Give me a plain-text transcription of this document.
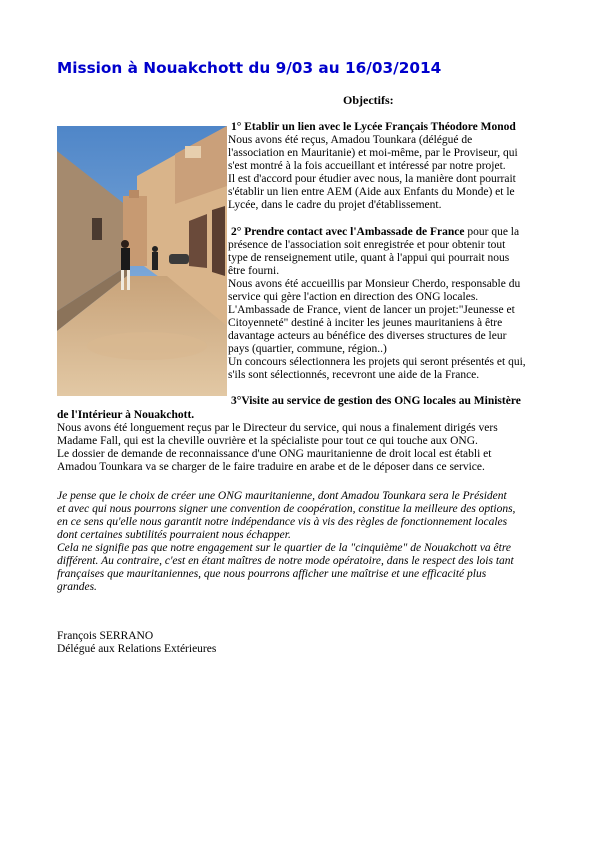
Mission à Nouakchott du 9/03 au 16/03/2014
Objectifs:
1° Etablir un lien avec le Lycée Français Théodore Monod
Nous avons été reçus, Amadou Tounkara (délégué de
l'association en Mauritanie) et moi-même, par le Proviseur, qui
s'est montré à la fois accueillant et intéressé par notre projet.
Il est d'accord pour étudier avec nous, la manière dont pourrait
s'établir un lien entre AEM (Aide aux Enfants du Monde) et le
Lycée, dans le cadre du projet d'établissement.
2° Prendre contact avec l'Ambassade de France pour que la
présence de l'association soit enregistrée et pour obtenir tout
type de renseignement utile, quant à l'appui qui pourrait nous
être fourni.
Nous avons été accueillis par Monsieur Cherdo, responsable du
service qui gère l'action en direction des ONG locales.
L'Ambassade de France, vient de lancer un projet:"Jeunesse et
Citoyenneté" destiné à inciter les jeunes mauritaniens à être
davantage acteurs au bénéfice des diverses structures de leur
pays (quartier, commune, région..)
Un concours sélectionnera les projets qui seront présentés et qui,
s'ils sont sélectionnés, recevront une aide de la France.
3°Visite au service de gestion des ONG locales au Ministère
de l'Intérieur à Nouakchott.
Nous avons été longuement reçus par le Directeur du service, qui nous a finalement dirigés vers
Madame Fall, qui est la cheville ouvrière et la spécialiste pour tout ce qui touche aux ONG.
Le dossier de demande de reconnaissance d'une ONG mauritanienne de droit local est établi et
Amadou Tounkara va se charger de le faire traduire en arabe et de le déposer dans ce service.
Je pense que le choix de créer une ONG mauritanienne, dont Amadou Tounkara sera le Président
et avec qui nous pourrons signer une convention de coopération, constitue la meilleure des options,
en ce sens qu'elle nous garantit notre indépendance vis à vis des règles de fonctionnement locales
dont certaines subtilités pourraient nous échapper.
Cela ne signifie pas que notre engagement sur le quartier de la "cinquième" de Nouakchott va être
différent. Au contraire, c'est en étant maîtres de notre mode opératoire, dans le respect des lois tant
françaises que mauritaniennes, que nous pourrons afficher une maîtrise et une efficacité plus
grandes.
François SERRANO
Délégué aux Relations Extérieures
